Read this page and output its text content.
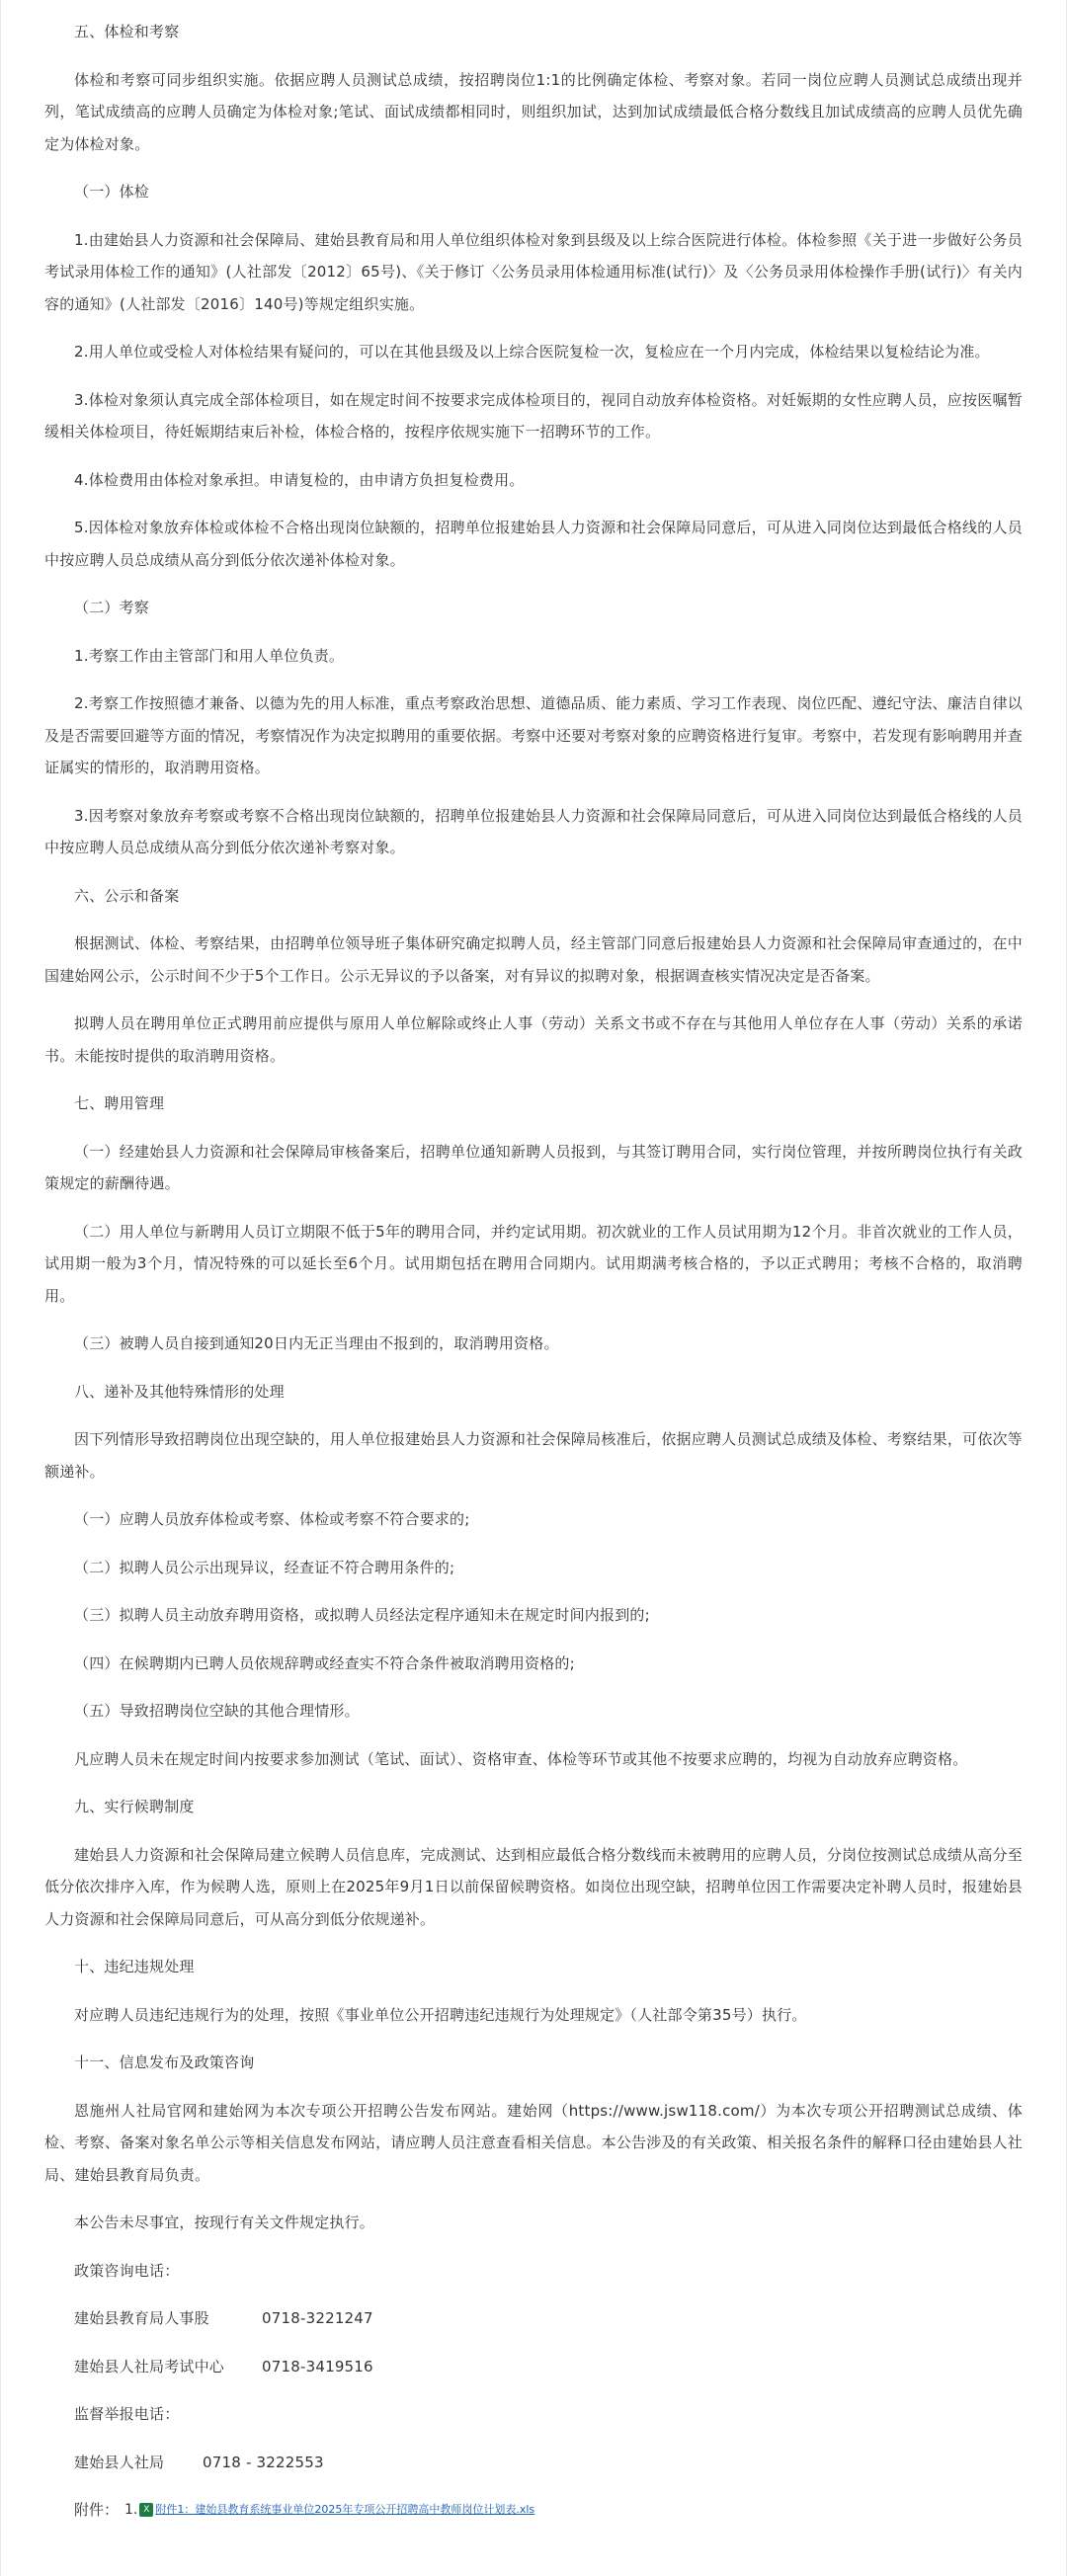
五、体检和考察

体检和考察可同步组织实施。依据应聘人员测试总成绩，按招聘岗位1:1的比例确定体检、考察对象。若同一岗位应聘人员测试总成绩出现并列，笔试成绩高的应聘人员确定为体检对象;笔试、面试成绩都相同时，则组织加试，达到加试成绩最低合格分数线且加试成绩高的应聘人员优先确定为体检对象。

（一）体检

1.由建始县人力资源和社会保障局、建始县教育局和用人单位组织体检对象到县级及以上综合医院进行体检。体检参照《关于进一步做好公务员考试录用体检工作的通知》(人社部发〔2012〕65号)、《关于修订〈公务员录用体检通用标准(试行)〉及〈公务员录用体检操作手册(试行)〉有关内容的通知》(人社部发〔2016〕140号)等规定组织实施。

2.用人单位或受检人对体检结果有疑问的，可以在其他县级及以上综合医院复检一次，复检应在一个月内完成，体检结果以复检结论为准。

3.体检对象须认真完成全部体检项目，如在规定时间不按要求完成体检项目的，视同自动放弃体检资格。对妊娠期的女性应聘人员，应按医嘱暂缓相关体检项目，待妊娠期结束后补检，体检合格的，按程序依规实施下一招聘环节的工作。

4.体检费用由体检对象承担。申请复检的，由申请方负担复检费用。

5.因体检对象放弃体检或体检不合格出现岗位缺额的，招聘单位报建始县人力资源和社会保障局同意后，可从进入同岗位达到最低合格线的人员中按应聘人员总成绩从高分到低分依次递补体检对象。

（二）考察

1.考察工作由主管部门和用人单位负责。

2.考察工作按照德才兼备、以德为先的用人标准，重点考察政治思想、道德品质、能力素质、学习工作表现、岗位匹配、遵纪守法、廉洁自律以及是否需要回避等方面的情况，考察情况作为决定拟聘用的重要依据。考察中还要对考察对象的应聘资格进行复审。考察中，若发现有影响聘用并查证属实的情形的，取消聘用资格。

3.因考察对象放弃考察或考察不合格出现岗位缺额的，招聘单位报建始县人力资源和社会保障局同意后，可从进入同岗位达到最低合格线的人员中按应聘人员总成绩从高分到低分依次递补考察对象。

六、公示和备案

根据测试、体检、考察结果，由招聘单位领导班子集体研究确定拟聘人员，经主管部门同意后报建始县人力资源和社会保障局审查通过的，在中国建始网公示，公示时间不少于5个工作日。公示无异议的予以备案，对有异议的拟聘对象，根据调查核实情况决定是否备案。

拟聘人员在聘用单位正式聘用前应提供与原用人单位解除或终止人事（劳动）关系文书或不存在与其他用人单位存在人事（劳动）关系的承诺书。未能按时提供的取消聘用资格。

七、聘用管理

（一）经建始县人力资源和社会保障局审核备案后，招聘单位通知新聘人员报到，与其签订聘用合同，实行岗位管理，并按所聘岗位执行有关政策规定的薪酬待遇。

（二）用人单位与新聘用人员订立期限不低于5年的聘用合同，并约定试用期。初次就业的工作人员试用期为12个月。非首次就业的工作人员，试用期一般为3个月，情况特殊的可以延长至6个月。试用期包括在聘用合同期内。试用期满考核合格的，予以正式聘用；考核不合格的，取消聘用。

（三）被聘人员自接到通知20日内无正当理由不报到的，取消聘用资格。

八、递补及其他特殊情形的处理

因下列情形导致招聘岗位出现空缺的，用人单位报建始县人力资源和社会保障局核准后，依据应聘人员测试总成绩及体检、考察结果，可依次等额递补。

（一）应聘人员放弃体检或考察、体检或考察不符合要求的;

（二）拟聘人员公示出现异议，经查证不符合聘用条件的;

（三）拟聘人员主动放弃聘用资格，或拟聘人员经法定程序通知未在规定时间内报到的;

（四）在候聘期内已聘人员依规辞聘或经查实不符合条件被取消聘用资格的;

（五）导致招聘岗位空缺的其他合理情形。

凡应聘人员未在规定时间内按要求参加测试（笔试、面试）、资格审查、体检等环节或其他不按要求应聘的，均视为自动放弃应聘资格。

九、实行候聘制度

建始县人力资源和社会保障局建立候聘人员信息库，完成测试、达到相应最低合格分数线而未被聘用的应聘人员，分岗位按测试总成绩从高分至低分依次排序入库，作为候聘人选，原则上在2025年9月1日以前保留候聘资格。如岗位出现空缺，招聘单位因工作需要决定补聘人员时，报建始县人力资源和社会保障局同意后，可从高分到低分依规递补。

十、违纪违规处理

对应聘人员违纪违规行为的处理，按照《事业单位公开招聘违纪违规行为处理规定》（人社部令第35号）执行。

十一、信息发布及政策咨询

恩施州人社局官网和建始网为本次专项公开招聘公告发布网站。建始网（https://www.jsw118.com/）为本次专项公开招聘测试总成绩、体检、考察、备案对象名单公示等相关信息发布网站，请应聘人员注意查看相关信息。本公告涉及的有关政策、相关报名条件的解释口径由建始县人社局、建始县教育局负责。

本公告未尽事宜，按现行有关文件规定执行。

政策咨询电话：

建始县教育局人事股	0718-3221247

建始县人社局考试中心	0718-3419516

监督举报电话：

建始县人社局	0718 - 3222553

附件： 1. X 附件1：建始县教育系统事业单位2025年专项公开招聘高中教师岗位计划表.xls
